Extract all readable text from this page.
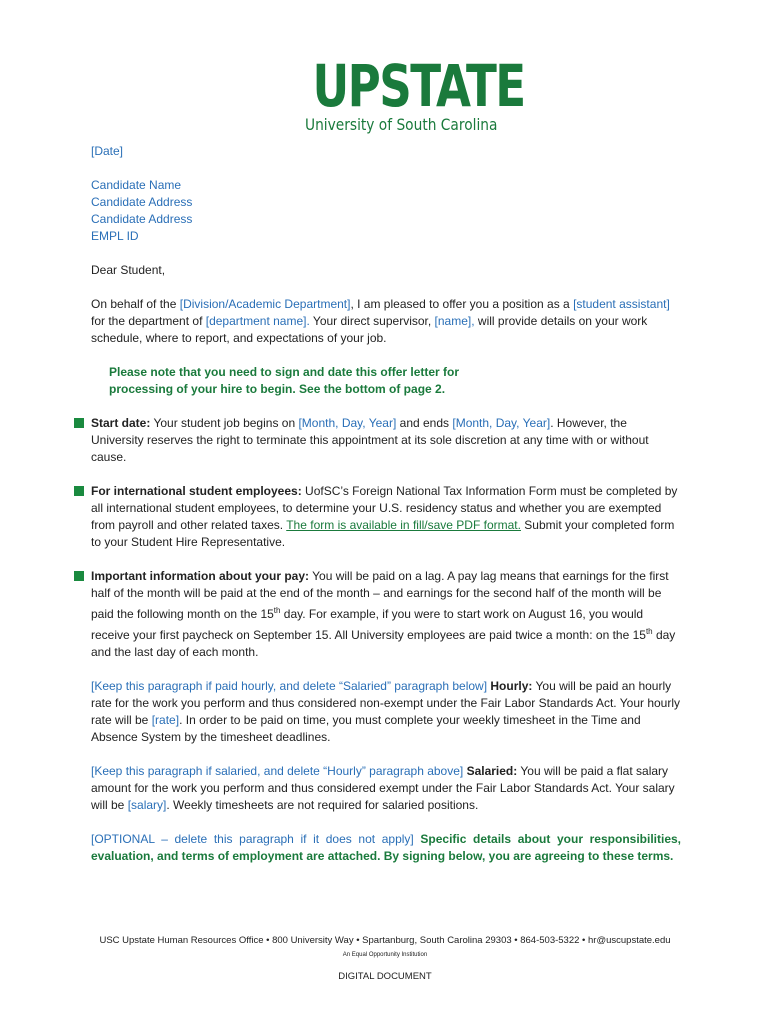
UPSTATE
University of South Carolina
[Date]
Candidate Name
Candidate Address
Candidate Address
EMPL ID

Dear Student,

On behalf of the [Division/Academic Department], I am pleased to offer you a position as a [student assistant] for the department of [department name]. Your direct supervisor, [name], will provide details on your work schedule, where to report, and expectations of your job.

Please note that you need to sign and date this offer letter for
processing of your hire to begin. See the bottom of page 2.

Start date: Your student job begins on [Month, Day, Year] and ends [Month, Day, Year]. However, the University reserves the right to terminate this appointment at its sole discretion at any time with or without cause.

For international student employees: UofSC’s Foreign National Tax Information Form must be completed by all international student employees, to determine your U.S. residency status and whether you are exempted from payroll and other related taxes. The form is available in fill/save PDF format. Submit your completed form to your Student Hire Representative.

Important information about your pay: You will be paid on a lag. A pay lag means that earnings for the first half of the month will be paid at the end of the month – and earnings for the second half of the month will be paid the following month on the 15th day. For example, if you were to start work on August 16, you would receive your first paycheck on September 15. All University employees are paid twice a month: on the 15th day and the last day of each month.

[Keep this paragraph if paid hourly, and delete “Salaried” paragraph below] Hourly: You will be paid an hourly rate for the work you perform and thus considered non-exempt under the Fair Labor Standards Act. Your hourly rate will be [rate]. In order to be paid on time, you must complete your weekly timesheet in the Time and Absence System by the timesheet deadlines.

[Keep this paragraph if salaried, and delete “Hourly” paragraph above] Salaried: You will be paid a flat salary amount for the work you perform and thus considered exempt under the Fair Labor Standards Act. Your salary will be [salary]. Weekly timesheets are not required for salaried positions.

[OPTIONAL – delete this paragraph if it does not apply] Specific details about your responsibilities, evaluation, and terms of employment are attached. By signing below, you are agreeing to these terms.

USC Upstate Human Resources Office • 800 University Way • Spartanburg, South Carolina 29303 • 864-503-5322 • hr@uscupstate.edu
An Equal Opportunity Institution
DIGITAL DOCUMENT
